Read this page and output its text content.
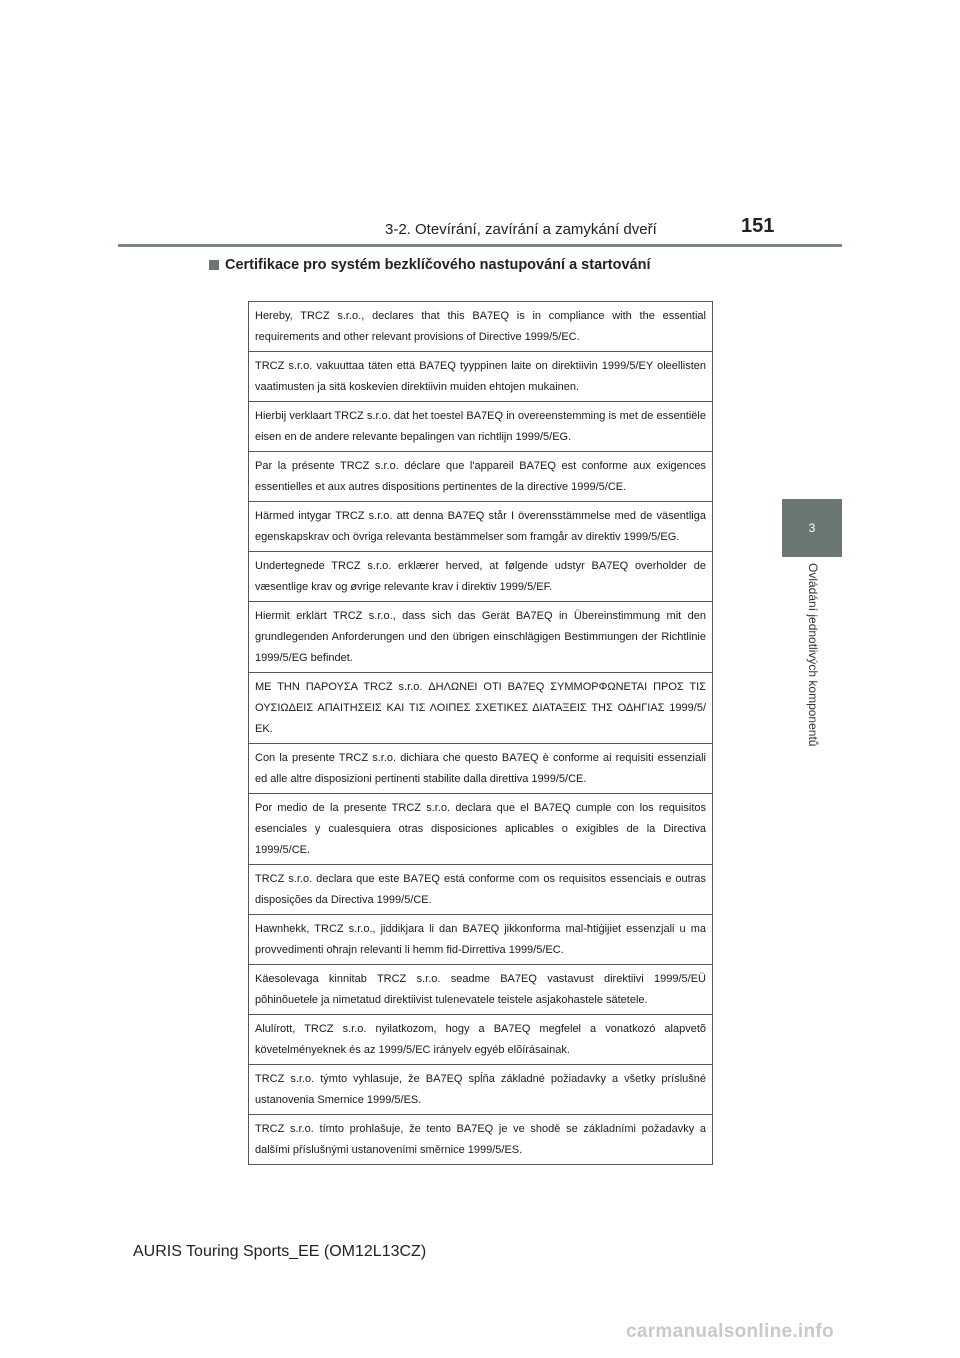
3-2. Otevírání, zavírání a zamykání dveří	151
Certifikace pro systém bezklíčového nastupování a startování
3
Ovládání jednotlivých komponentů
Hereby, TRCZ s.r.o., declares that this BA7EQ is in compliance with the essential requirements and other relevant provisions of Directive 1999/5/EC.
TRCZ s.r.o. vakuuttaa täten että BA7EQ tyyppinen laite on direktiivin 1999/5/EY oleellisten vaatimusten ja sitä koskevien direktiivin muiden ehtojen mukainen.
Hierbij verklaart TRCZ s.r.o. dat het toestel BA7EQ in overeenstemming is met de essentiële eisen en de andere relevante bepalingen van richtlijn 1999/5/EG.
Par la présente TRCZ s.r.o. déclare que l'appareil BA7EQ est conforme aux exigences essentielles et aux autres dispositions pertinentes de la directive 1999/5/CE.
Härmed intygar TRCZ s.r.o. att denna BA7EQ står I överensstämmelse med de väsentliga egenskapskrav och övriga relevanta bestämmelser som framgår av direktiv 1999/5/EG.
Undertegnede TRCZ s.r.o. erklærer herved, at følgende udstyr BA7EQ overholder de væsentlige krav og øvrige relevante krav i direktiv 1999/5/EF.
Hiermit erklärt TRCZ s.r.o., dass sich das Gerät BA7EQ in Übereinstimmung mit den grundlegenden Anforderungen und den übrigen einschlägigen Bestimmungen der Richtlinie 1999/5/EG befindet.
ΜΕ ΤΗΝ ΠΑΡΟΥΣΑ TRCZ s.r.o. ΔΗΛΩΝΕΙ ΟΤΙ BA7EQ ΣΥΜΜΟΡΦΩΝΕΤΑΙ ΠΡΟΣ ΤΙΣ ΟΥΣΙΩΔΕΙΣ ΑΠΑΙΤΗΣΕΙΣ ΚΑΙ ΤΙΣ ΛΟΙΠΕΣ ΣΧΕΤΙΚΕΣ ΔΙΑΤΑΞΕΙΣ ΤΗΣ ΟΔΗΓΙΑΣ 1999/5/ΕΚ.
Con la presente TRCZ s.r.o. dichiara che questo BA7EQ è conforme ai requisiti essenziali ed alle altre disposizioni pertinenti stabilite dalla direttiva 1999/5/CE.
Por medio de la presente TRCZ s.r.o. declara que el BA7EQ cumple con los requisitos esenciales y cualesquiera otras disposiciones aplicables o exigibles de la Directiva 1999/5/CE.
TRCZ s.r.o. declara que este BA7EQ está conforme com os requisitos essenciais e outras disposições da Directiva 1999/5/CE.
Hawnhekk, TRCZ s.r.o., jiddikjara li dan BA7EQ jikkonforma mal-ħtiġijiet essenzjali u ma provvedimenti oħrajn relevanti li hemm fid-Dirrettiva 1999/5/EC.
Käesolevaga kinnitab TRCZ s.r.o. seadme BA7EQ vastavust direktiivi 1999/5/EÜ põhinõuetele ja nimetatud direktiivist tulenevatele teistele asjakohastele sätetele.
Alulírott, TRCZ s.r.o. nyilatkozom, hogy a BA7EQ megfelel a vonatkozó alapvetõ követelményeknek és az 1999/5/EC irányelv egyéb elõírásainak.
TRCZ s.r.o. týmto vyhlasuje, že BA7EQ spĺňa základné požiadavky a všetky príslušné ustanovenia Smernice 1999/5/ES.
TRCZ s.r.o. tímto prohlašuje, že tento BA7EQ je ve shodě se základními požadavky a dalšími příslušnými ustanoveními směrnice 1999/5/ES.
AURIS Touring Sports_EE (OM12L13CZ)
carmanualsonline.info
